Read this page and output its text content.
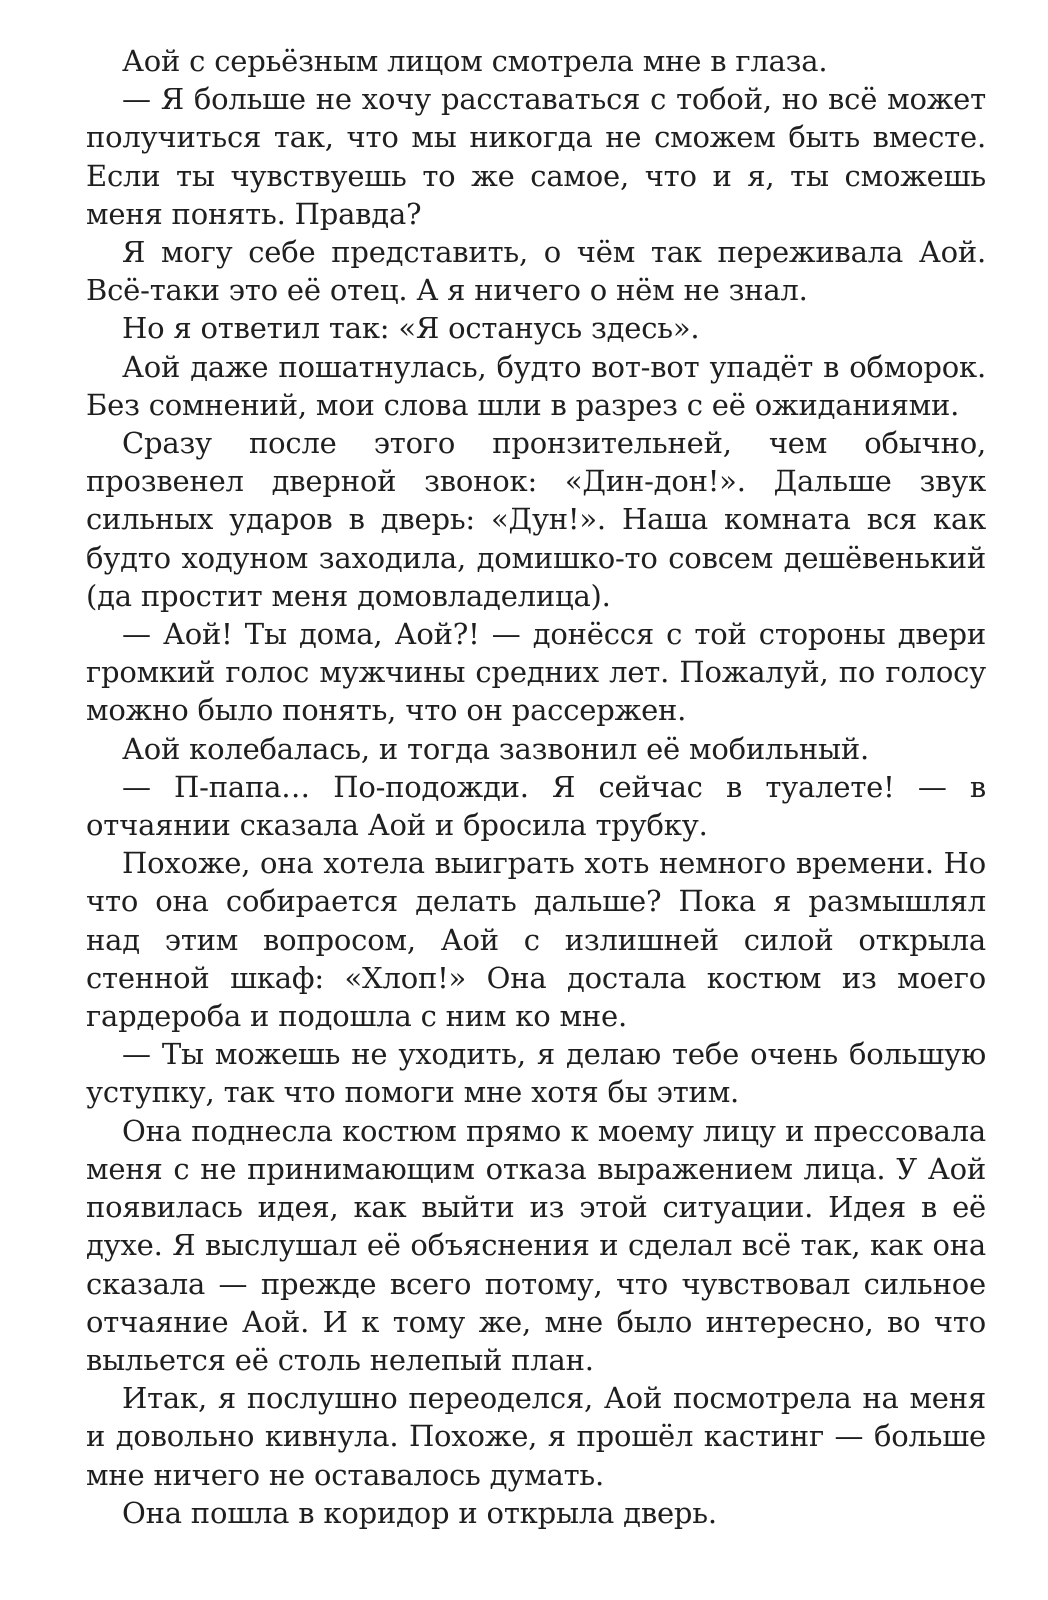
Аой с серьёзным лицом смотрела мне в глаза.

— Я больше не хочу расставаться с тобой, но всё может получиться так, что мы никогда не сможем быть вместе. Если ты чувствуешь то же самое, что и я, ты сможешь меня понять. Правда?

Я могу себе представить, о чём так переживала Аой. Всё-таки это её отец. А я ничего о нём не знал.

Но я ответил так: «Я останусь здесь».

Аой даже пошатнулась, будто вот-вот упадёт в обморок. Без сомнений, мои слова шли в разрез с её ожиданиями.

Сразу после этого пронзительней, чем обычно, прозвенел дверной звонок: «Дин-дон!». Дальше звук сильных ударов в дверь: «Дун!». Наша комната вся как будто ходуном заходила, домишко-то совсем дешёвенький (да простит меня домовладелица).

— Аой! Ты дома, Аой?! — донёсся с той стороны двери громкий голос мужчины средних лет. Пожалуй, по голосу можно было понять, что он рассержен.

Аой колебалась, и тогда зазвонил её мобильный.

— П-папа… По-подожди. Я сейчас в туалете! — в отчаянии сказала Аой и бросила трубку.

Похоже, она хотела выиграть хоть немного времени. Но что она собирается делать дальше? Пока я размышлял над этим вопросом, Аой с излишней силой открыла стенной шкаф: «Хлоп!» Она достала костюм из моего гардероба и подошла с ним ко мне.

— Ты можешь не уходить, я делаю тебе очень большую уступку, так что помоги мне хотя бы этим.

Она поднесла костюм прямо к моему лицу и прессовала меня с не принимающим отказа выражением лица. У Аой появилась идея, как выйти из этой ситуации. Идея в её духе. Я выслушал её объяснения и сделал всё так, как она сказала — прежде всего потому, что чувствовал сильное отчаяние Аой. И к тому же, мне было интересно, во что выльется её столь нелепый план.

Итак, я послушно переоделся, Аой посмотрела на меня и довольно кивнула. Похоже, я прошёл кастинг — больше мне ничего не оставалось думать.

Она пошла в коридор и открыла дверь.
